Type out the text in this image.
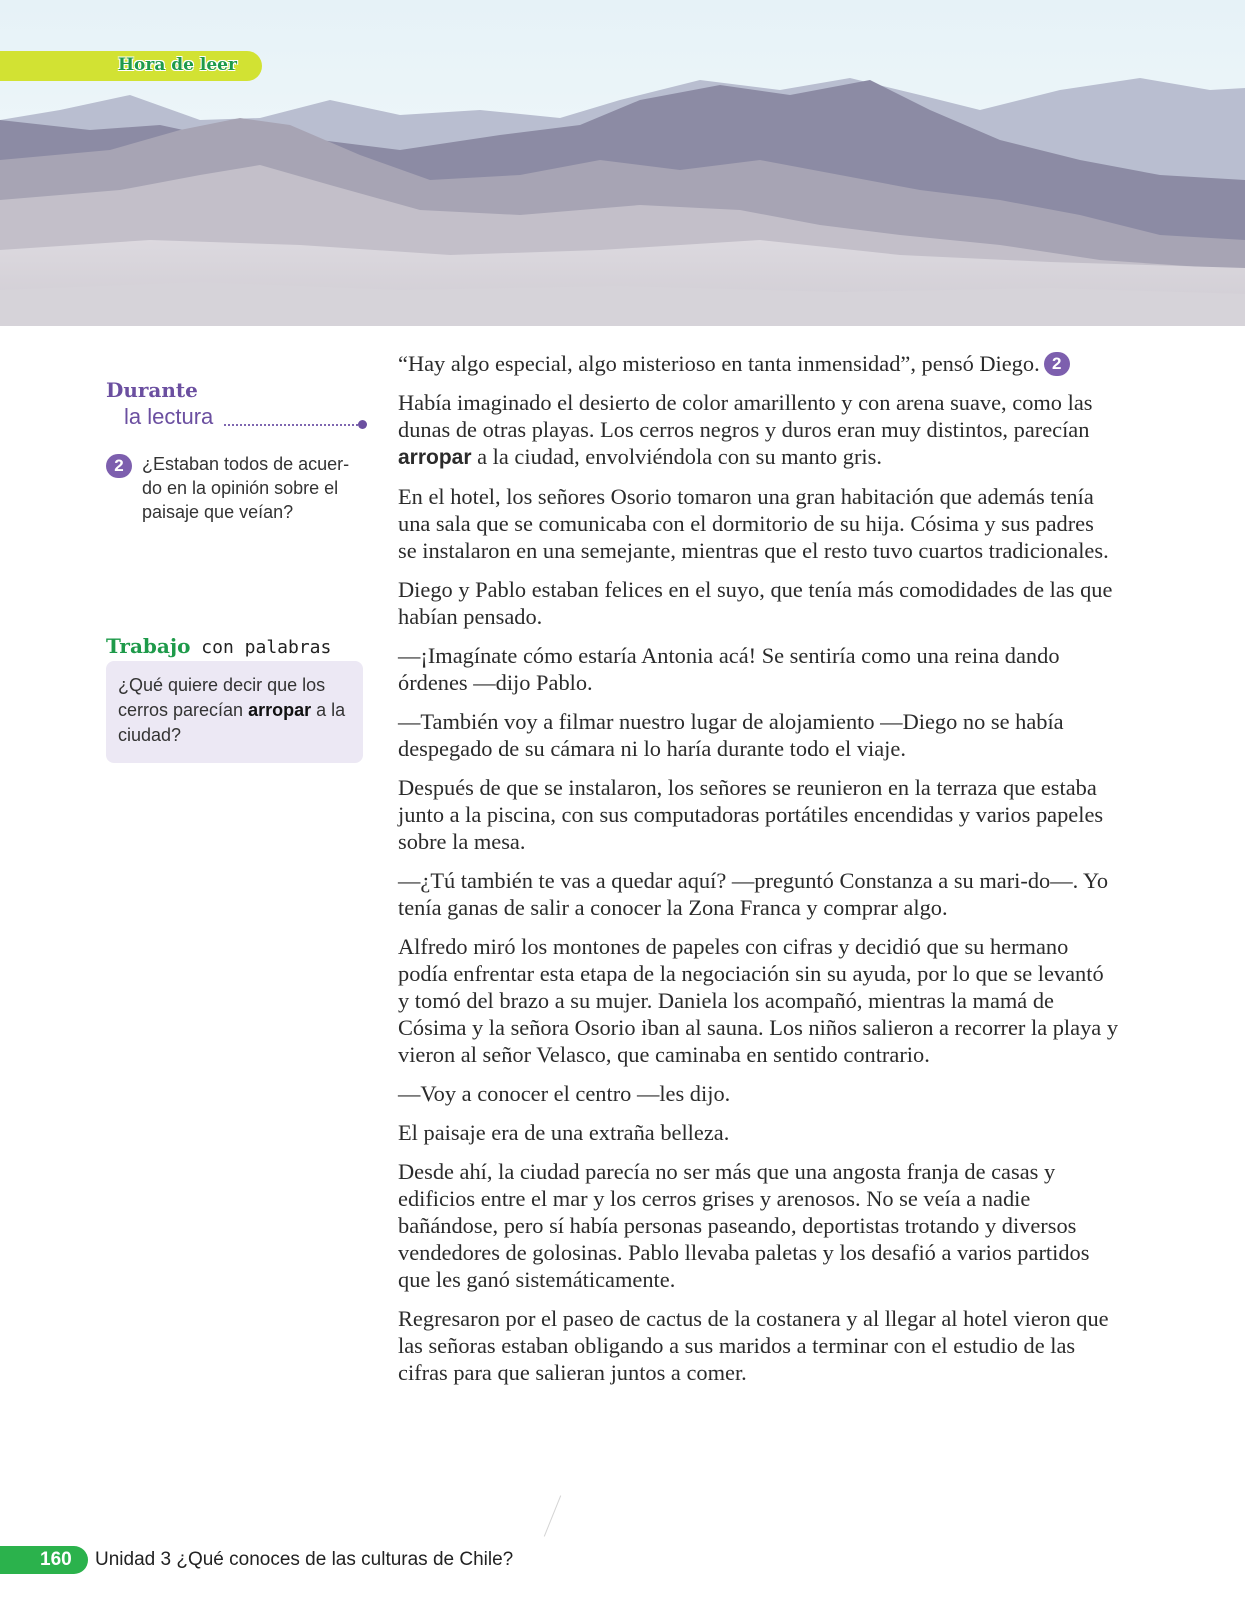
Hora de leer
Durante
la lectura
2	¿Estaban todos de acuer-do en la opinión sobre el paisaje que veían?
Trabajo con palabras
¿Qué quiere decir que los cerros parecían arropar a la ciudad?

“Hay algo especial, algo misterioso en tanta inmensidad”, pensó Diego. 2

Había imaginado el desierto de color amarillento y con arena suave, como las dunas de otras playas. Los cerros negros y duros eran muy distintos, parecían arropar a la ciudad, envolviéndola con su manto gris.

En el hotel, los señores Osorio tomaron una gran habitación que además tenía una sala que se comunicaba con el dormitorio de su hija. Cósima y sus padres se instalaron en una semejante, mientras que el resto tuvo cuartos tradicionales.

Diego y Pablo estaban felices en el suyo, que tenía más comodidades de las que habían pensado.

—¡Imagínate cómo estaría Antonia acá! Se sentiría como una reina dando órdenes —dijo Pablo.

—También voy a filmar nuestro lugar de alojamiento —Diego no se había despegado de su cámara ni lo haría durante todo el viaje.

Después de que se instalaron, los señores se reunieron en la terraza que estaba junto a la piscina, con sus computadoras portátiles encendidas y varios papeles sobre la mesa.

—¿Tú también te vas a quedar aquí? —preguntó Constanza a su mari-do—. Yo tenía ganas de salir a conocer la Zona Franca y comprar algo.

Alfredo miró los montones de papeles con cifras y decidió que su hermano podía enfrentar esta etapa de la negociación sin su ayuda, por lo que se levantó y tomó del brazo a su mujer. Daniela los acompañó, mientras la mamá de Cósima y la señora Osorio iban al sauna. Los niños salieron a recorrer la playa y vieron al señor Velasco, que caminaba en sentido contrario.

—Voy a conocer el centro —les dijo.

El paisaje era de una extraña belleza.

Desde ahí, la ciudad parecía no ser más que una angosta franja de casas y edificios entre el mar y los cerros grises y arenosos. No se veía a nadie bañándose, pero sí había personas paseando, deportistas trotando y diversos vendedores de golosinas. Pablo llevaba paletas y los desafió a varios partidos que les ganó sistemáticamente.

Regresaron por el paseo de cactus de la costanera y al llegar al hotel vieron que las señoras estaban obligando a sus maridos a terminar con el estudio de las cifras para que salieran juntos a comer.

160 Unidad 3 ¿Qué conoces de las culturas de Chile?
